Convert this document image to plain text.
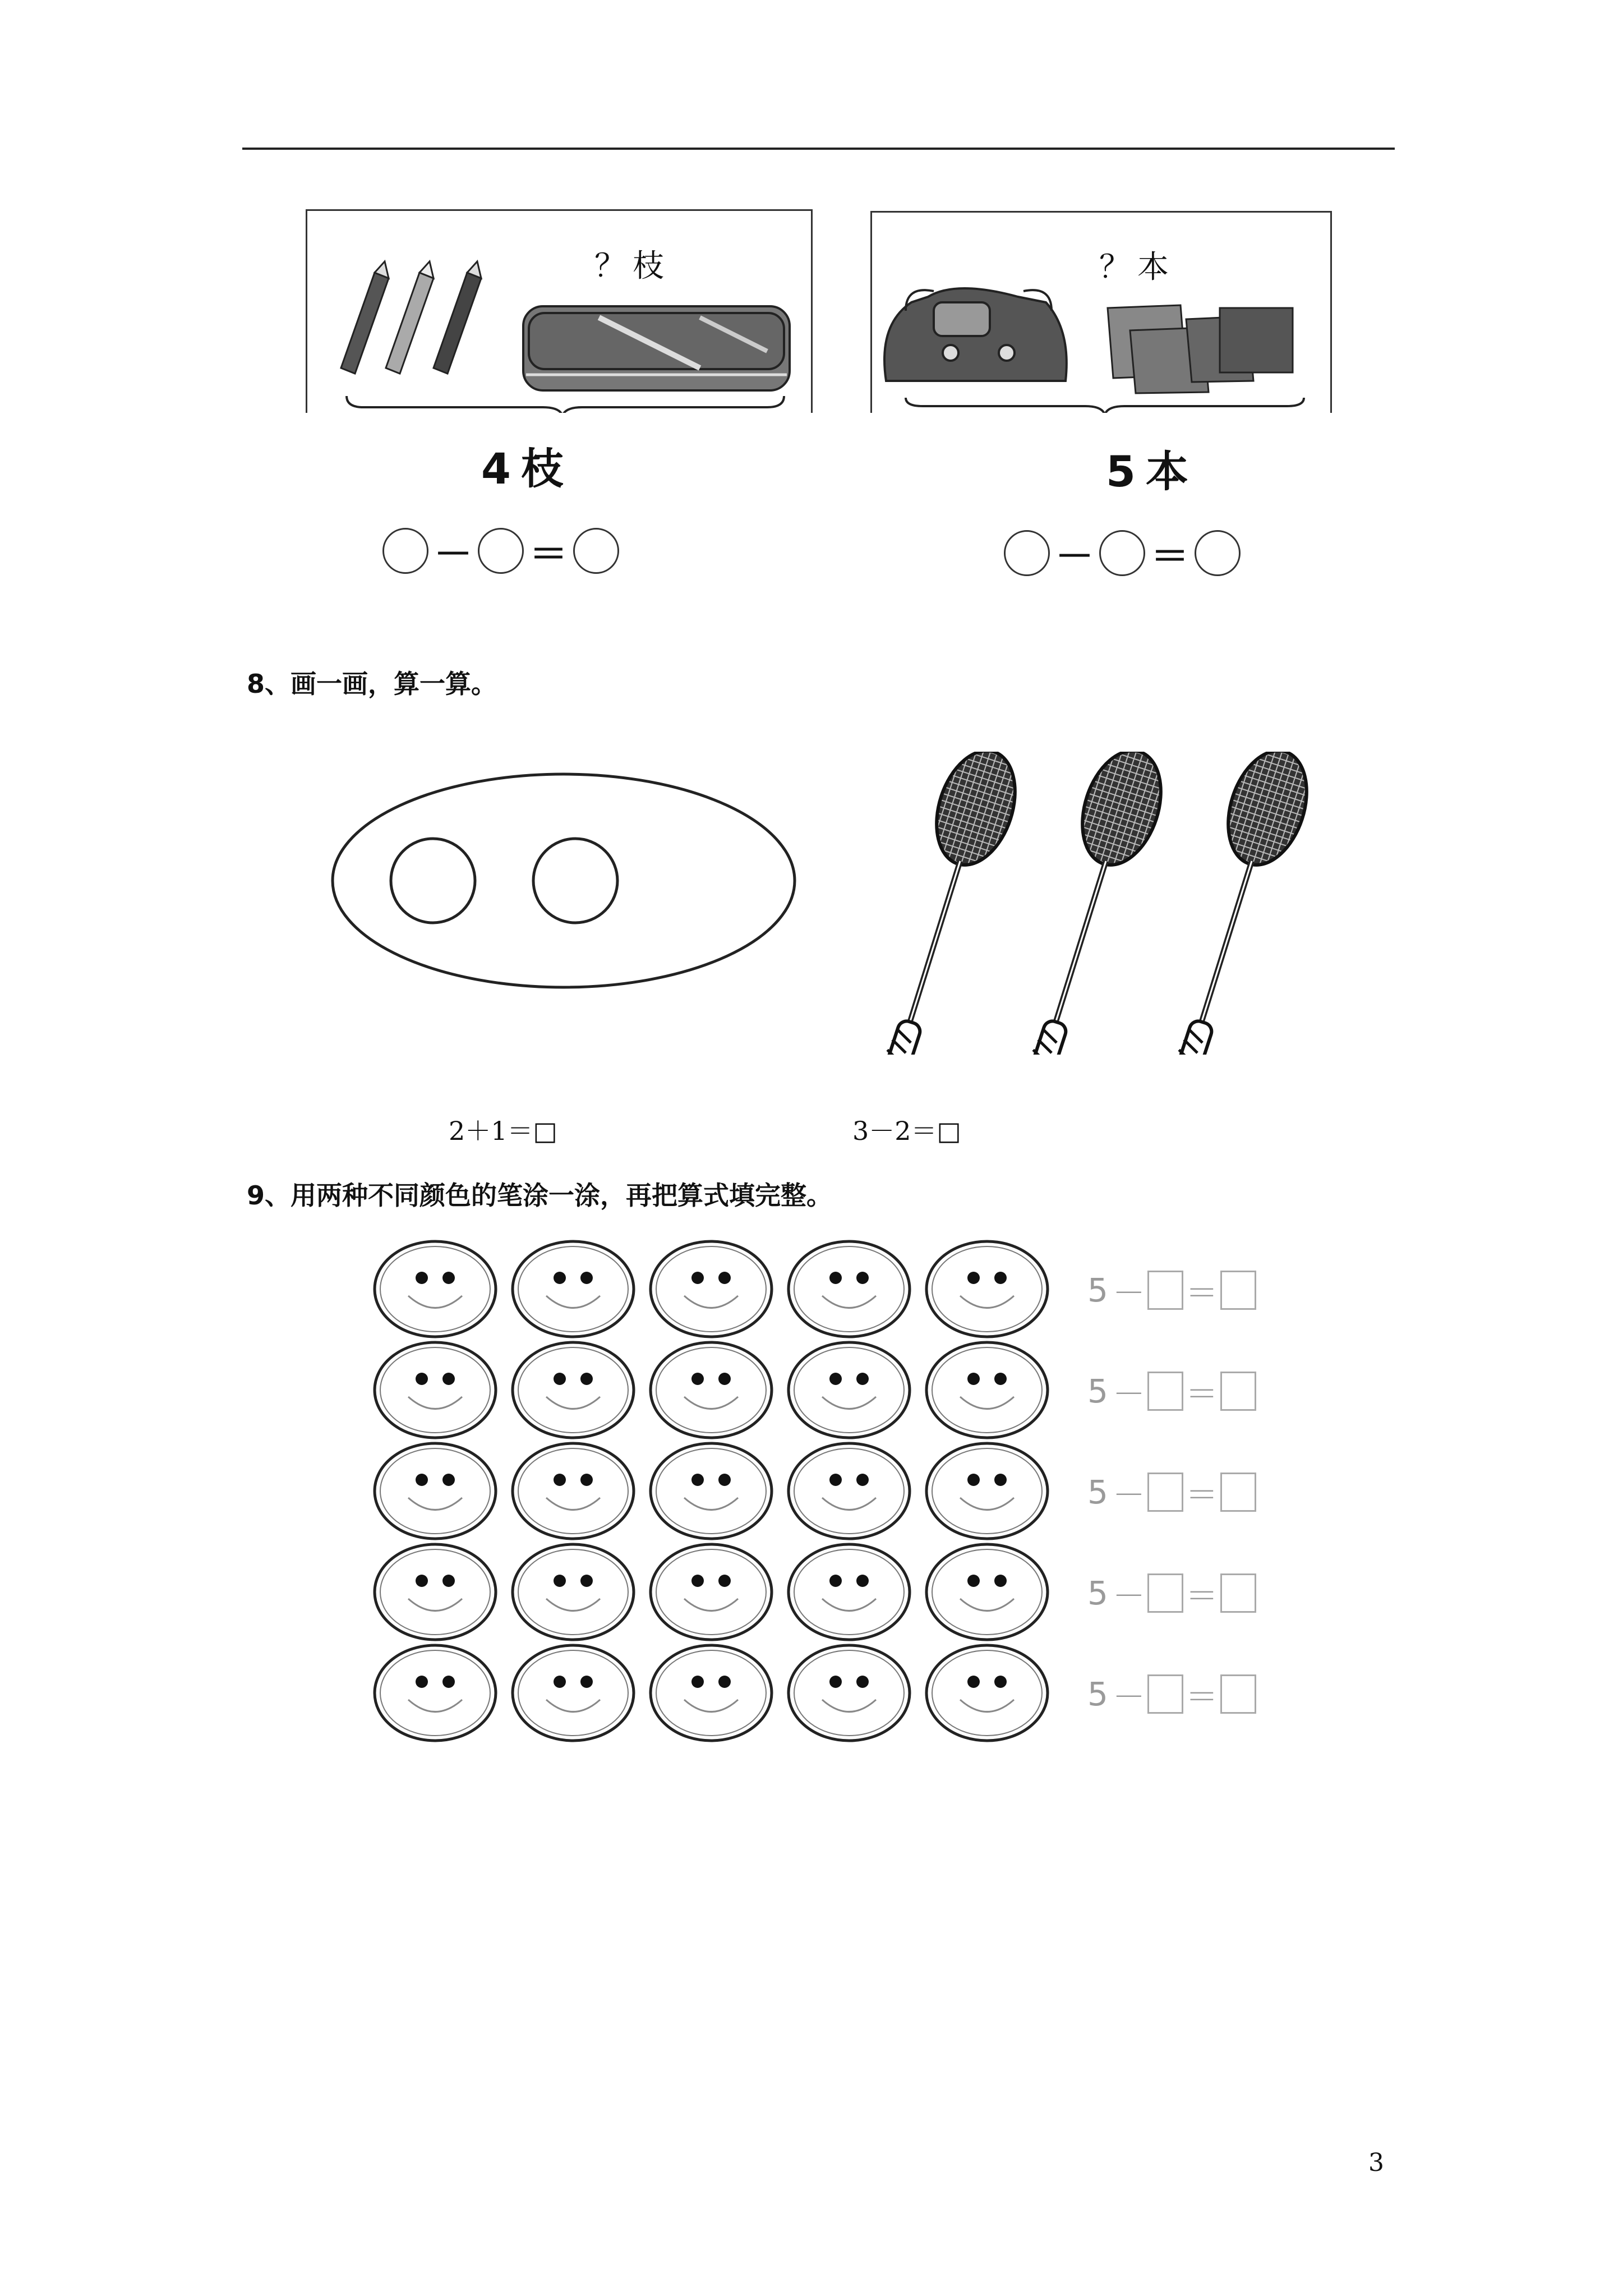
？枝
4枝
？本
5本
－ ＝	－ ＝
8、画一画，算一算。
2＋1＝□	3－2＝□
9、用两种不同颜色的笔涂一涂，再把算式填完整。
5 － ＝
5 － ＝
5 － ＝
5 － ＝
5 － ＝
3
